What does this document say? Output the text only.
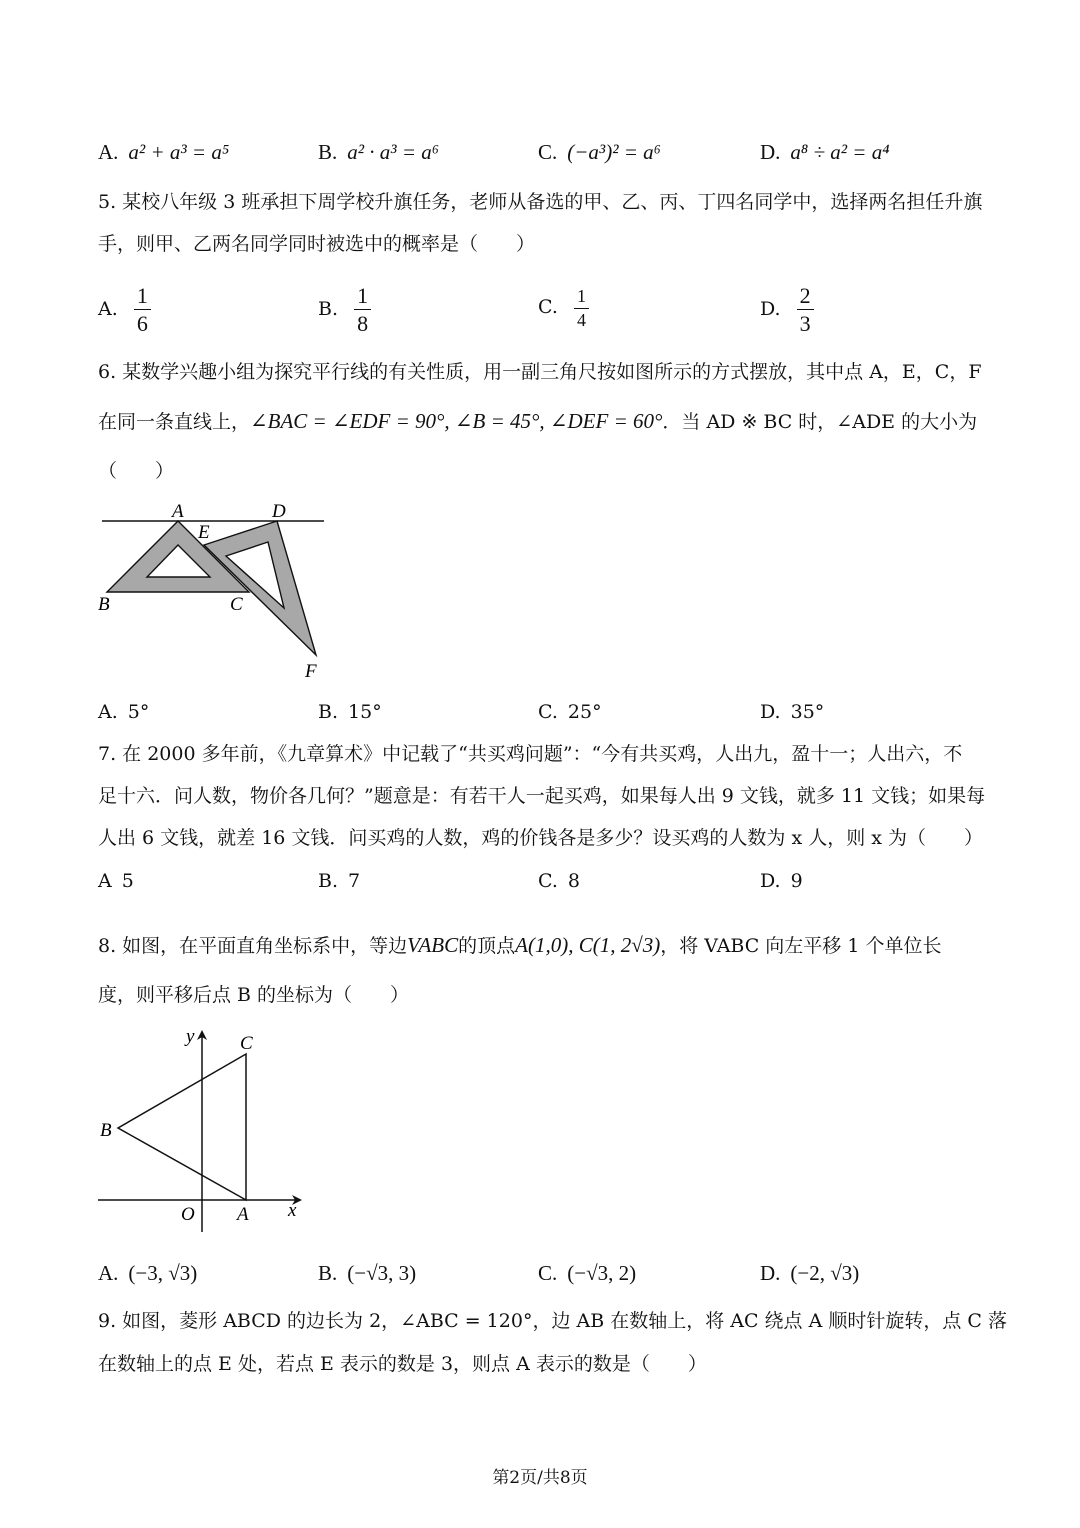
A. a² + a³ = a⁵	B. a² · a³ = a⁶	C. (−a³)² = a⁶	D. a⁸ ÷ a² = a⁴
5. 某校八年级 3 班承担下周学校升旗任务，老师从备选的甲、乙、丙、丁四名同学中，选择两名担任升旗
手，则甲、乙两名同学同时被选中的概率是（　　）
A. $\frac{1}{6}$	B. $\frac{1}{8}$	C. $\frac{1}{4}$	D. $\frac{2}{3}$
6. 某数学兴趣小组为探究平行线的有关性质，用一副三角尺按如图所示的方式摆放，其中点 A，E，C，F
在同一条直线上，∠BAC = ∠EDF = 90°, ∠B = 45°, ∠DEF = 60°．当 AD ※ BC 时，∠ADE 的大小为
（　　）
A	D
E
B	C
F
A. 5°	B. 15°	C. 25°	D. 35°
7. 在 2000 多年前，《九章算术》中记载了“共买鸡问题”：“今有共买鸡，人出九，盈十一；人出六，不
足十六．问人数，物价各几何？”题意是：有若干人一起买鸡，如果每人出 9 文钱，就多 11 文钱；如果每
人出 6 文钱，就差 16 文钱．问买鸡的人数，鸡的价钱各是多少？设买鸡的人数为 x 人，则 x 为（　　）
A 5	B. 7	C. 8	D. 9
8. 如图，在平面直角坐标系中，等边VABC的顶点A(1,0), C(1, 2√3)，将 VABC 向左平移 1 个单位长
度，则平移后点 B 的坐标为（　　）
y C
B
O A x
A. (−3, √3)	B. (−√3, 3)	C. (−√3, 2)	D. (−2, √3)
9. 如图，菱形 ABCD 的边长为 2，∠ABC = 120°，边 AB 在数轴上，将 AC 绕点 A 顺时针旋转，点 C 落
在数轴上的点 E 处，若点 E 表示的数是 3，则点 A 表示的数是（　　）
第2页/共8页
